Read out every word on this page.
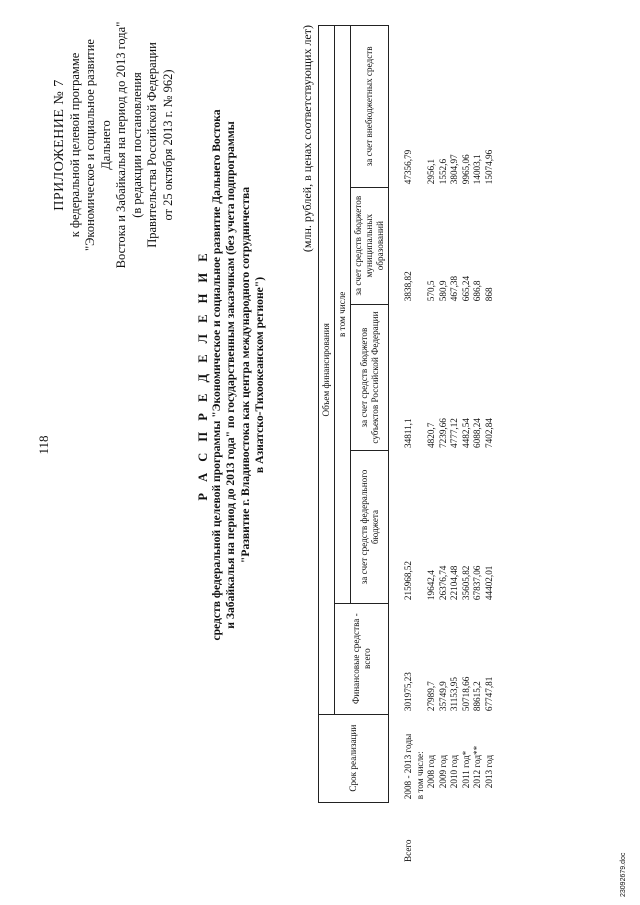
118
ПРИЛОЖЕНИЕ № 7 к федеральной целевой программе "Экономическое и социальное развитие Дальнего Востока и Забайкалья на период до 2013 года" (в редакции постановления Правительства Российской Федерации от 25 октября 2013 г. № 962)
Р А С П Р Е Д Е Л Е Н И Е средств федеральной целевой программы "Экономическое и социальное развитие Дальнего Востока и Забайкалья на период до 2013 года" по государственным заказчикам (без учета подпрограммы "Развитие г. Владивостока как центра международного сотрудничества в Азиатско-Тихоокеанском регионе")
(млн. рублей, в ценах соответствующих лет)
	Срок реализации	Объем финансирования				
		Финансовые средства - всего	в том числе			
			за счет средств федерального бюджета	за счет средств бюджетов субъектов Российской Федерации	за счет средств бюджетов муниципальных образований	за счет внебюджетных средств
Всего	2008 - 2013 годы	301975,23	215968,52	34811,1	3838,82	47356,79
	в том числе:					
	2008 год	27989,7	19642,4	4820,7	570,5	2956,1
	2009 год	35749,9	26376,74	7239,66	580,9	1552,6
	2010 год	31153,95	22104,48	4777,12	467,38	3804,97
	2011 год*	50718,66	35605,82	4482,54	665,24	9965,06
	2012 год**	88615,2	67837,06	6088,24	686,8	14003,1
	2013 год	67747,81	44402,01	7402,84	868	15074,96
23092679.doc
